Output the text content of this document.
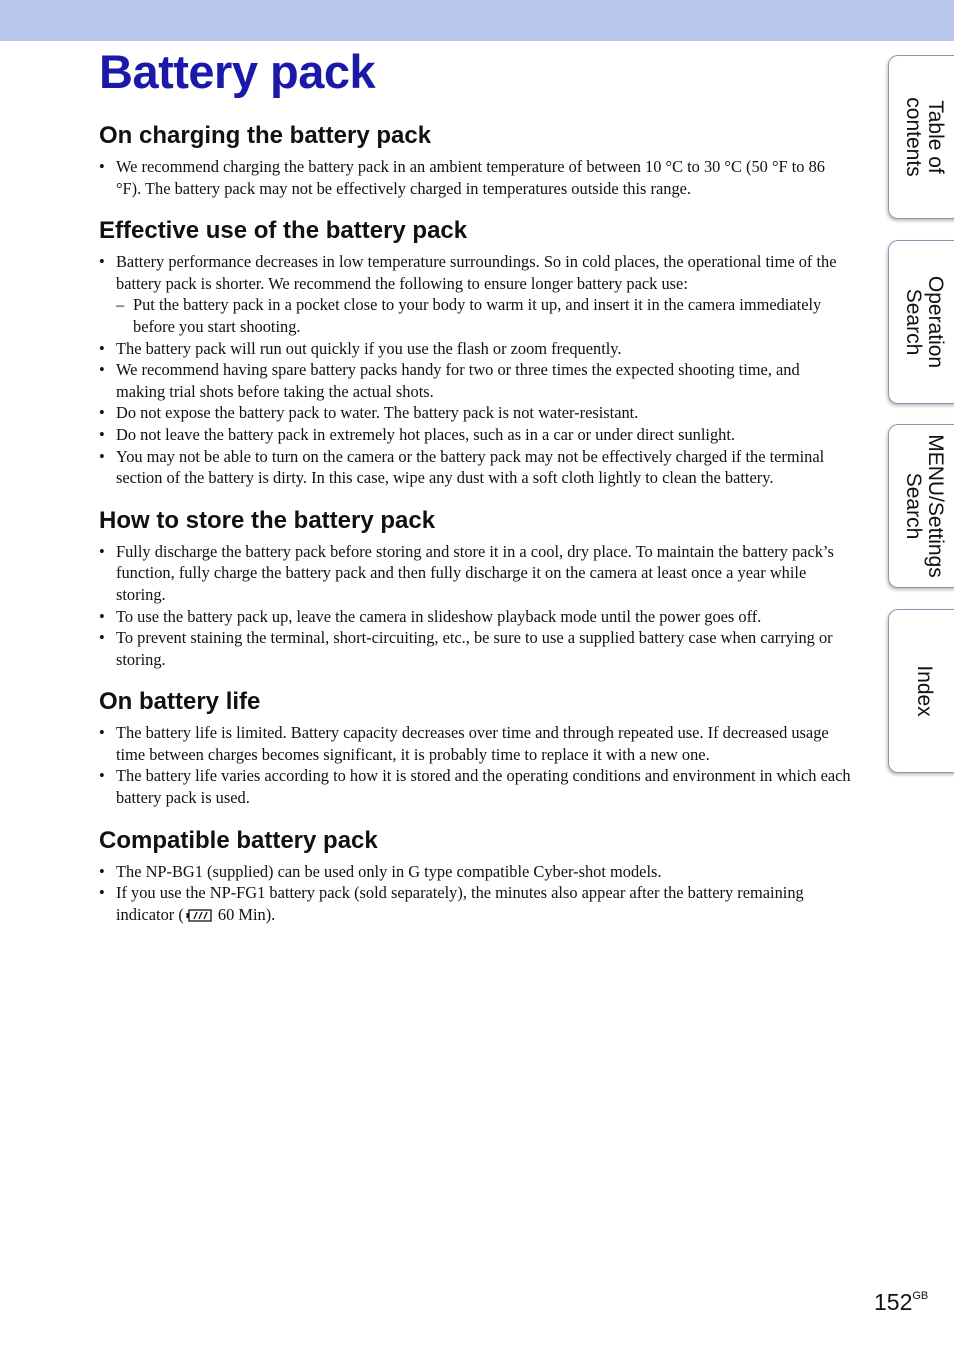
Battery pack
On charging the battery pack
• We recommend charging the battery pack in an ambient temperature of between 10 °C to 30 °C (50 °F to 86 °F). The battery pack may not be effectively charged in temperatures outside this range.
Effective use of the battery pack
• Battery performance decreases in low temperature surroundings. So in cold places, the operational time of the battery pack is shorter. We recommend the following to ensure longer battery pack use:
– Put the battery pack in a pocket close to your body to warm it up, and insert it in the camera immediately before you start shooting.
• The battery pack will run out quickly if you use the flash or zoom frequently.
• We recommend having spare battery packs handy for two or three times the expected shooting time, and making trial shots before taking the actual shots.
• Do not expose the battery pack to water. The battery pack is not water-resistant.
• Do not leave the battery pack in extremely hot places, such as in a car or under direct sunlight.
• You may not be able to turn on the camera or the battery pack may not be effectively charged if the terminal section of the battery is dirty. In this case, wipe any dust with a soft cloth lightly to clean the battery.
How to store the battery pack
• Fully discharge the battery pack before storing and store it in a cool, dry place. To maintain the battery pack’s function, fully charge the battery pack and then fully discharge it on the camera at least once a year while storing.
• To use the battery pack up, leave the camera in slideshow playback mode until the power goes off.
• To prevent staining the terminal, short-circuiting, etc., be sure to use a supplied battery case when carrying or storing.
On battery life
• The battery life is limited. Battery capacity decreases over time and through repeated use. If decreased usage time between charges becomes significant, it is probably time to replace it with a new one.
• The battery life varies according to how it is stored and the operating conditions and environment in which each battery pack is used.
Compatible battery pack
• The NP-BG1 (supplied) can be used only in G type compatible Cyber-shot models.
• If you use the NP-FG1 battery pack (sold separately), the minutes also appear after the battery remaining indicator ( 60 Min).
Table of
contents
Operation
Search
MENU/Settings
Search
Index
$152^{GB}$
